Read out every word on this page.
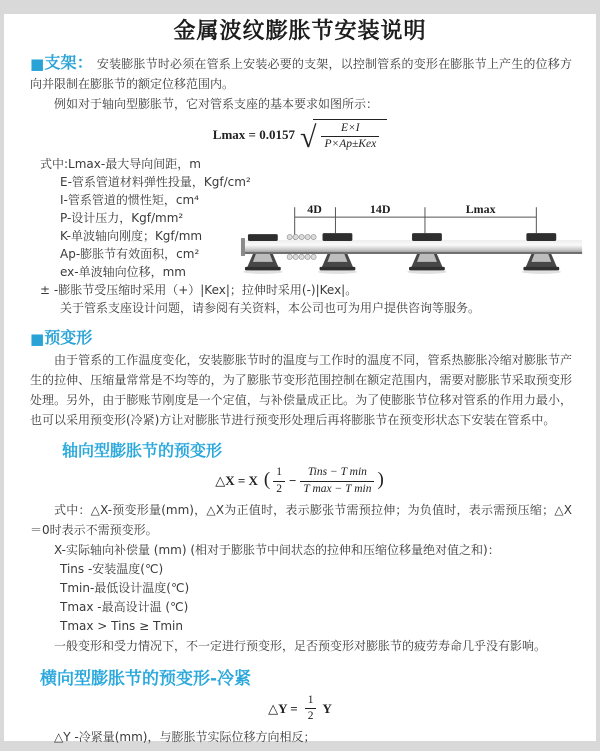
金属波纹膨胀节安装说明

■支架： 安装膨胀节时必须在管系上安装必要的支架，以控制管系的变形在膨胀节上产生的位移方向并限制在膨胀节的额定位移范围内。

例如对于轴向型膨胀节，它对管系支座的基本要求如图所示：

Lmax = 0.0157 √ $\frac{E\times I}{\text{P×Ap±Kex}}$
式中:Lmax-最大导向间距，m
E-管系管道材料弹性投量，Kgf/cm²
I-管系管道的惯性矩，cm⁴
P-设计压力，Kgf/mm²
K-单波轴向刚度；Kgf/mm
Ap-膨胀节有效面积，cm²
ex-单波轴向位移，mm
± -膨胀节受压缩时采用（+）|Kex|；拉伸时采用(-)|Kex|。
关于管系支座设计问题，请参阅有关资料，本公司也可为用户提供咨询等服务。
4D	14D	Lmax
■预变形

由于管系的工作温度变化，安装膨胀节时的温度与工作时的温度不同，管系热膨胀冷缩对膨胀节产生的拉伸、压缩量常常是不均等的，为了膨胀节变形范围控制在额定范围内，需要对膨胀节采取预变形处理。另外，由于膨账节刚度是一个定值，与补偿量成正比。为了使膨胀节位移对管系的作用力最小，也可以采用预变形(冷紧)方让对膨胀节进行预变形处理后再将膨胀节在预变形状态下安装在管系中。

轴向型膨胀节的预变形
△X = X ( $\frac{1}{2} - \frac{\text{Tins − T min}}{\text{T max − T min}}$ )

式中：△X-预变形量(mm)，△X为正值时，表示膨张节需预拉伸；为负值时，表示需预压缩；△X＝0时表示不需预变形。

X-实际轴向补偿量 (mm) (相对于膨胀节中间状态的拉伸和压缩位移量绝对值之和)：

Tins -安装温度(℃)
Tmin-最低设计温度(℃)
Tmax -最高设计温 (℃)
Tmax > Tins ≥ Tmin

一般变形和受力情况下，不一定进行预变形，足否预变形对膨胀节的疲劳寿命几乎没有影响。

横向型膨胀节的预变形-冷紧
△Y = $\frac{1}{2}$ Y

△Y -冷紧量(mm)，与膨胀节实际位移方向相反；
